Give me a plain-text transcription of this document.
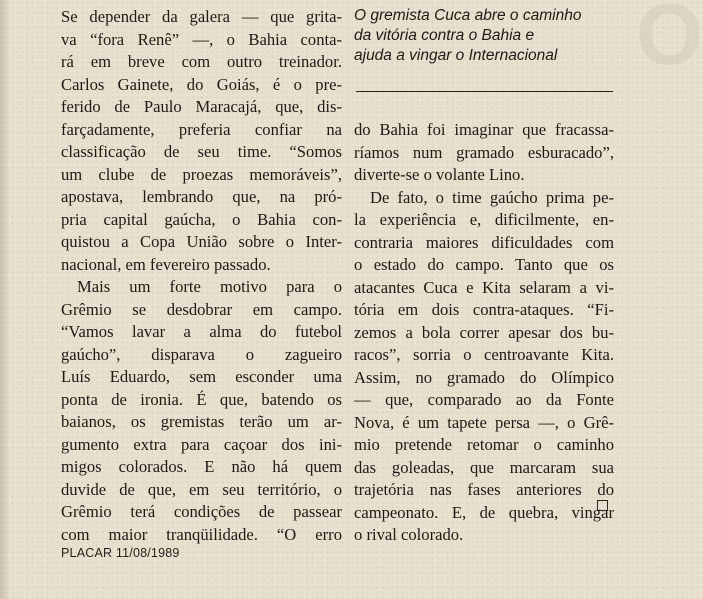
O
O gremista Cuca abre o caminho
da vitória contra o Bahia e
ajuda a vingar o Internacional
Se depender da galera — que grita-
va “fora Renê” —, o Bahia conta-
rá em breve com outro treinador.
Carlos Gainete, do Goiás, é o pre-
ferido de Paulo Maracajá, que, dis-
farçadamente, preferia confiar na
classificação de seu time. “Somos
um clube de proezas memoráveis”,
apostava, lembrando que, na pró-
pria capital gaúcha, o Bahia con-
quistou a Copa União sobre o Inter-
nacional, em fevereiro passado.
Mais um forte motivo para o
Grêmio se desdobrar em campo.
“Vamos lavar a alma do futebol
gaúcho”, disparava o zagueiro
Luís Eduardo, sem esconder uma
ponta de ironia. É que, batendo os
baianos, os gremistas terão um ar-
gumento extra para caçoar dos ini-
migos colorados. E não há quem
duvide de que, em seu território, o
Grêmio terá condições de passear
com maior tranqüilidade. “O erro
do Bahia foi imaginar que fracassa-
ríamos num gramado esburacado”,
diverte-se o volante Lino.
De fato, o time gaúcho prima pe-
la experiência e, dificilmente, en-
contraria maiores dificuldades com
o estado do campo. Tanto que os
atacantes Cuca e Kita selaram a vi-
tória em dois contra-ataques. “Fi-
zemos a bola correr apesar dos bu-
racos”, sorria o centroavante Kita.
Assim, no gramado do Olímpico
— que, comparado ao da Fonte
Nova, é um tapete persa —, o Grê-
mio pretende retomar o caminho
das goleadas, que marcaram sua
trajetória nas fases anteriores do
campeonato. E, de quebra, vingar
o rival colorado.
PLACAR 11/08/1989
